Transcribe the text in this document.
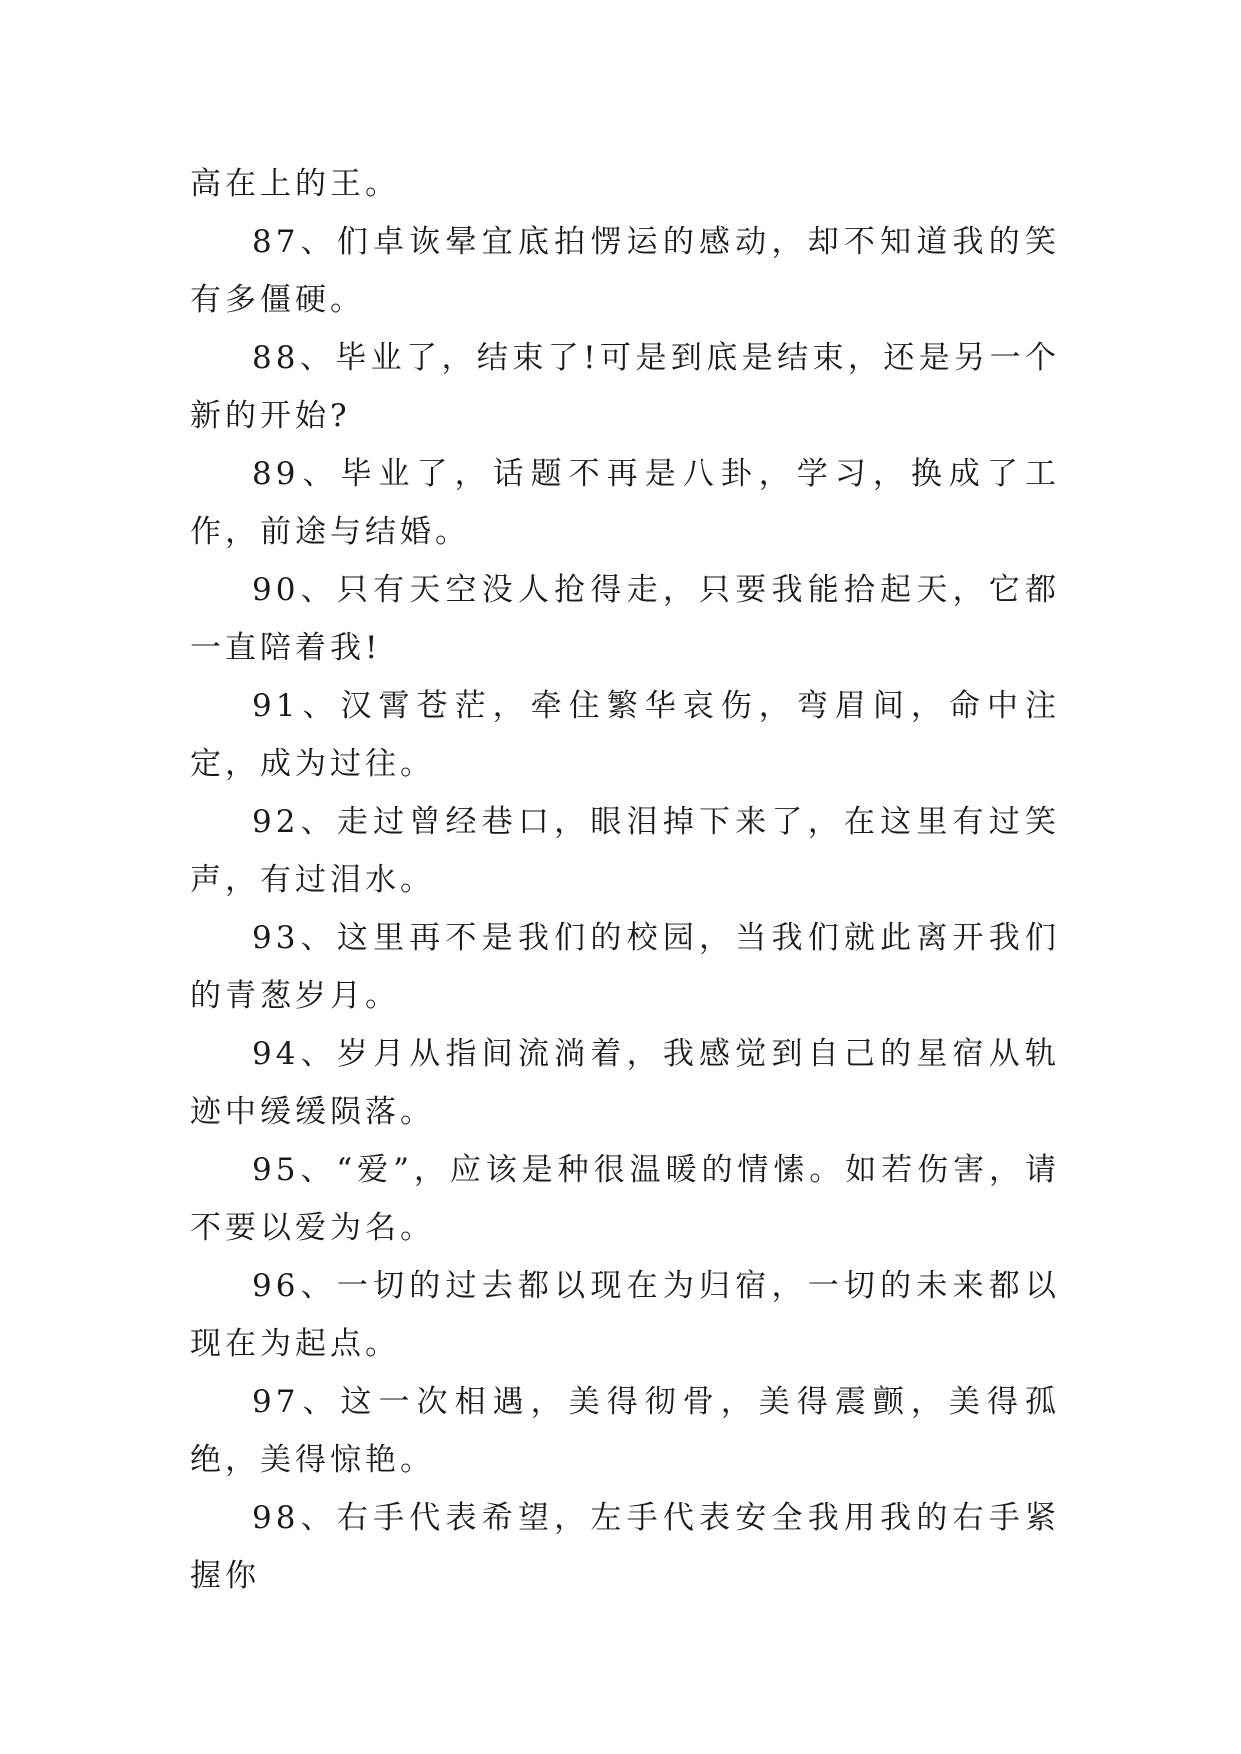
高在上的王。

87、们卓诙晕宜底拍愣运的感动，却不知道我的笑有多僵硬。

88、毕业了，结束了!可是到底是结束，还是另一个新的开始?

89、毕业了，话题不再是八卦，学习，换成了工作，前途与结婚。

90、只有天空没人抢得走，只要我能拾起天，它都一直陪着我!

91、汉霄苍茫，牵住繁华哀伤，弯眉间，命中注定，成为过往。

92、走过曾经巷口，眼泪掉下来了，在这里有过笑声，有过泪水。

93、这里再不是我们的校园，当我们就此离开我们的青葱岁月。

94、岁月从指间流淌着，我感觉到自己的星宿从轨迹中缓缓陨落。

95、“爱”，应该是种很温暖的情愫。如若伤害，请不要以爱为名。

96、一切的过去都以现在为归宿，一切的未来都以现在为起点。

97、这一次相遇，美得彻骨，美得震颤，美得孤绝，美得惊艳。

98、右手代表希望，左手代表安全我用我的右手紧握你
